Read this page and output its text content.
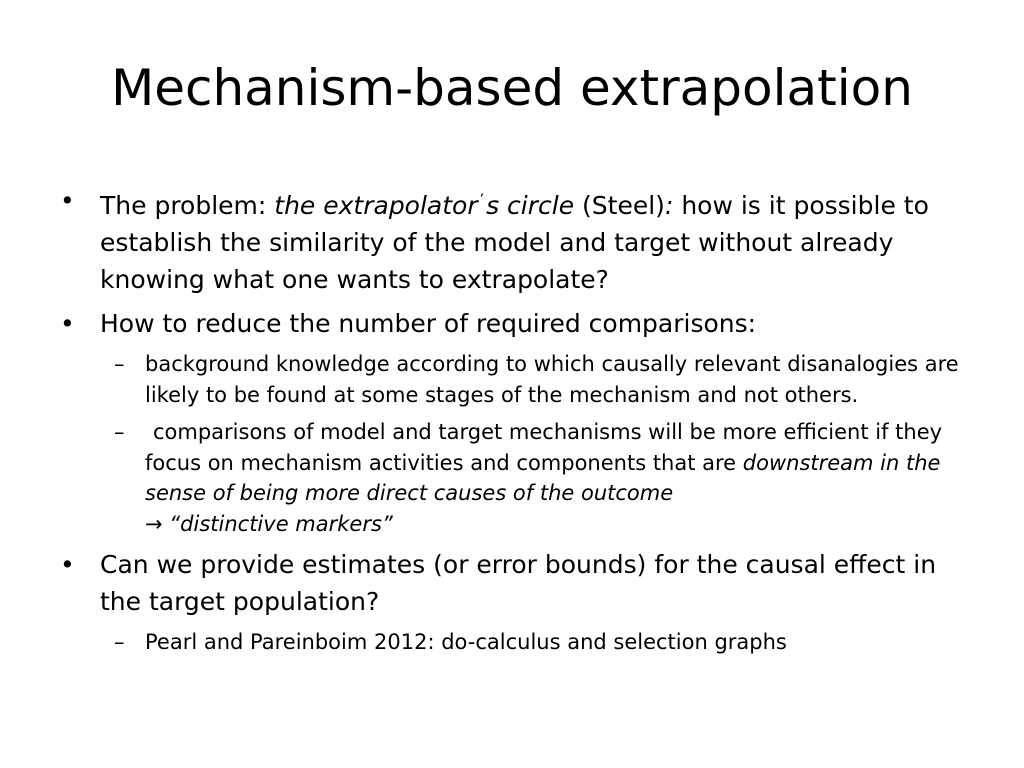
Mechanism-based extrapolation
• The problem: the extrapolator ’s circle (Steel): how is it possible to establish the similarity of the model and target without already knowing what one wants to extrapolate?
• How to reduce the number of required comparisons:
– background knowledge according to which causally relevant disanalogies are likely to be found at some stages of the mechanism and not others.
– comparisons of model and target mechanisms will be more efficient if they focus on mechanism activities and components that are downstream in the sense of being more direct causes of the outcome
→ “distinctive markers”
• Can we provide estimates (or error bounds) for the causal effect in the target population?
– Pearl and Pareinboim 2012: do-calculus and selection graphs
